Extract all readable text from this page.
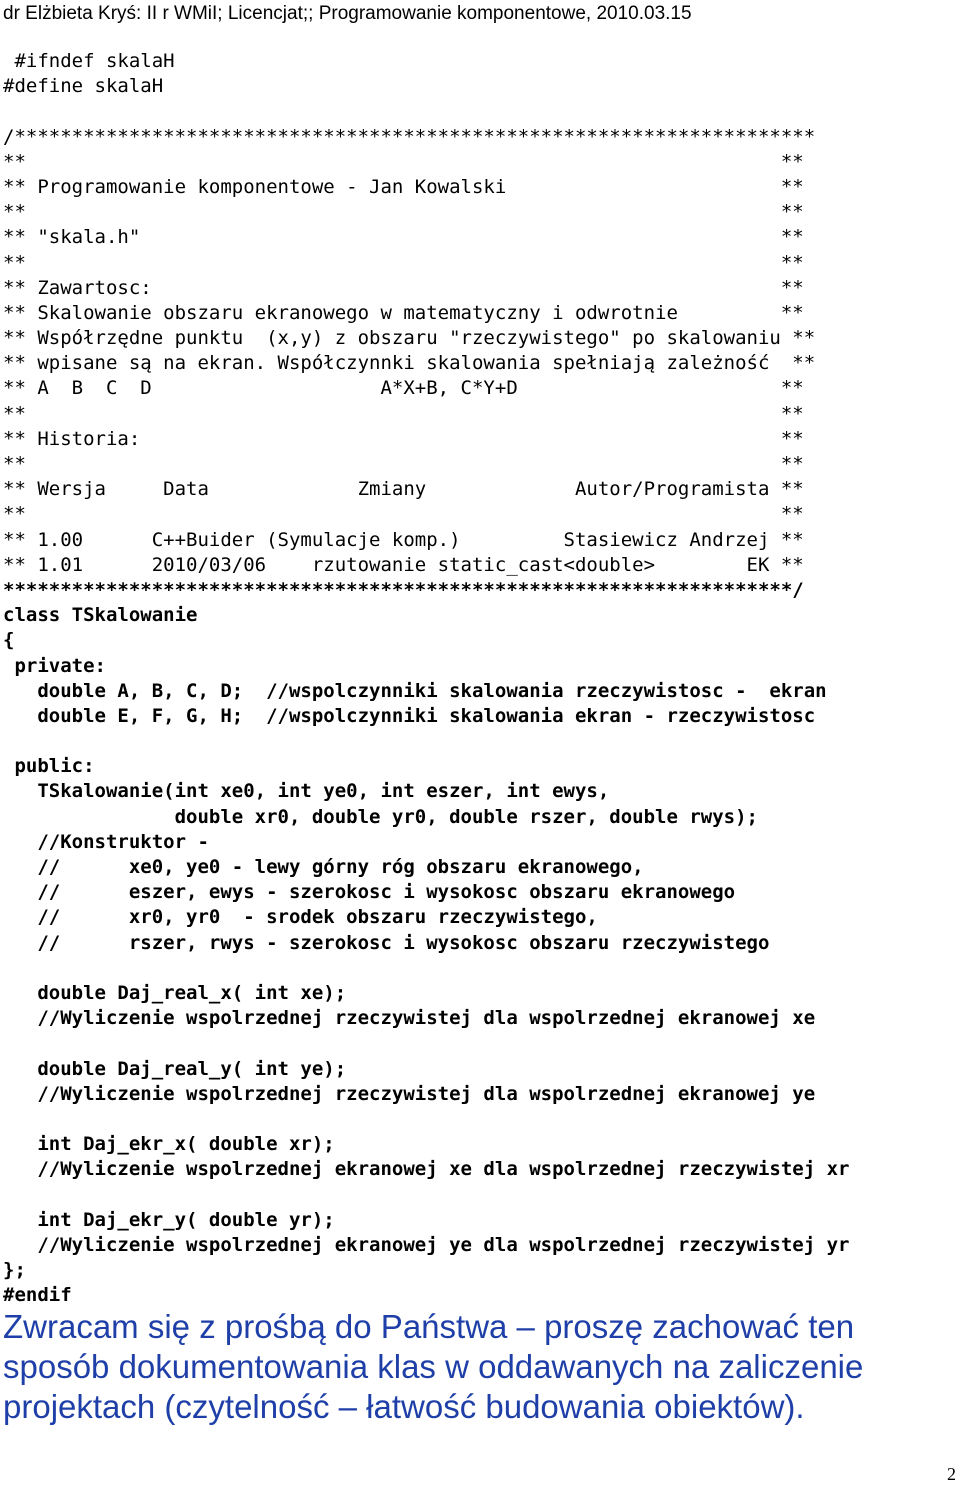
dr Elżbieta Kryś: II r WMiI; Licencjat;; Programowanie komponentowe, 2010.03.15
#ifndef skalaH
#define skalaH

/**********************************************************************
**                                                                  **
** Programowanie komponentowe - Jan Kowalski                        **
**                                                                  **
** "skala.h"                                                        **
**                                                                  **
** Zawartosc:                                                       **
** Skalowanie obszaru ekranowego w matematyczny i odwrotnie         **
** Współrzędne punktu  (x,y) z obszaru "rzeczywistego" po skalowaniu **
** wpisane są na ekran. Współczynnki skalowania spełniają zależność  **
** A  B  C  D                    A*X+B, C*Y+D                       **
**                                                                  **
** Historia:                                                        **
**                                                                  **
** Wersja     Data             Zmiany             Autor/Programista **
**                                                                  **
** 1.00      C++Buider (Symulacje komp.)         Stasiewicz Andrzej **
** 1.01      2010/03/06    rzutowanie static_cast<double>        EK **
*********************************************************************/
class TSkalowanie
{
private:
double A, B, C, D;  //wspolczynniki skalowania rzeczywistosc -  ekran
double E, F, G, H;  //wspolczynniki skalowania ekran - rzeczywistosc

public:
TSkalowanie(int xe0, int ye0, int eszer, int ewys,
double xr0, double yr0, double rszer, double rwys);
//Konstruktor -
//      xe0, ye0 - lewy górny róg obszaru ekranowego,
//      eszer, ewys - szerokosc i wysokosc obszaru ekranowego
//      xr0, yr0  - srodek obszaru rzeczywistego,
//      rszer, rwys - szerokosc i wysokosc obszaru rzeczywistego

double Daj_real_x( int xe);
//Wyliczenie wspolrzednej rzeczywistej dla wspolrzednej ekranowej xe

double Daj_real_y( int ye);
//Wyliczenie wspolrzednej rzeczywistej dla wspolrzednej ekranowej ye

int Daj_ekr_x( double xr);
//Wyliczenie wspolrzednej ekranowej xe dla wspolrzednej rzeczywistej xr

int Daj_ekr_y( double yr);
//Wyliczenie wspolrzednej ekranowej ye dla wspolrzednej rzeczywistej yr
};
#endif
Zwracam się z prośbą do Państwa – proszę zachować ten sposób dokumentowania klas w oddawanych na zaliczenie projektach (czytelność – łatwość budowania obiektów).
2
